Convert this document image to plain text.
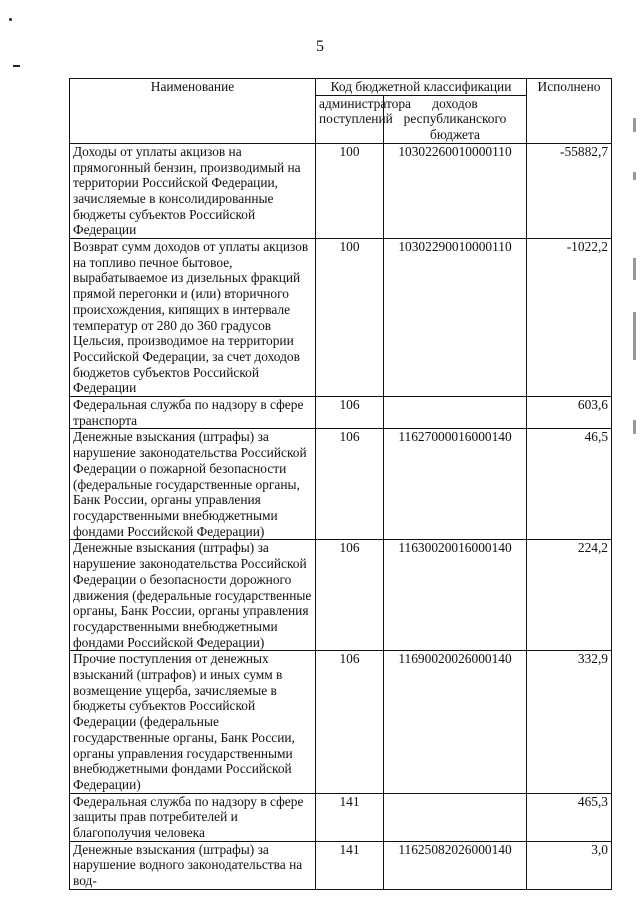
5
Наименование	Код бюджетной классификации		Исполнено
	администратора поступлений	доходов республиканского бюджета	
Доходы от уплаты акцизов на прямогонный бензин, производимый на территории Российской Федерации, зачисляемые в консолидированные бюджеты субъектов Российской Федерации	100	10302260010000110	-55882,7
Возврат сумм доходов от уплаты акцизов на топливо печное бытовое, вырабатываемое из дизельных фракций прямой перегонки и (или) вторичного происхождения, кипящих в интервале температур от 280 до 360 градусов Цельсия, производимое на территории Российской Федерации, за счет доходов бюджетов субъектов Российской Федерации	100	10302290010000110	-1022,2
Федеральная служба по надзору в сфере транспорта	106		603,6
Денежные взыскания (штрафы) за нарушение законодательства Российской Федерации о пожарной безопасности (федеральные государственные органы, Банк России, органы управления государственными внебюджетными фондами Российской Федерации)	106	11627000016000140	46,5
Денежные взыскания (штрафы) за нарушение законодательства Российской Федерации о безопасности дорожного движения (федеральные государственные органы, Банк России, органы управления государственными внебюджетными фондами Российской Федерации)	106	11630020016000140	224,2
Прочие поступления от денежных взысканий (штрафов) и иных сумм в возмещение ущерба, зачисляемые в бюджеты субъектов Российской Федерации (федеральные государственные органы, Банк России, органы управления государственными внебюджетными фондами Российской Федерации)	106	11690020026000140	332,9
Федеральная служба по надзору в сфере защиты прав потребителей и благополучия человека	141		465,3
Денежные взыскания (штрафы) за нарушение водного законодательства на вод-	141	11625082026000140	3,0
